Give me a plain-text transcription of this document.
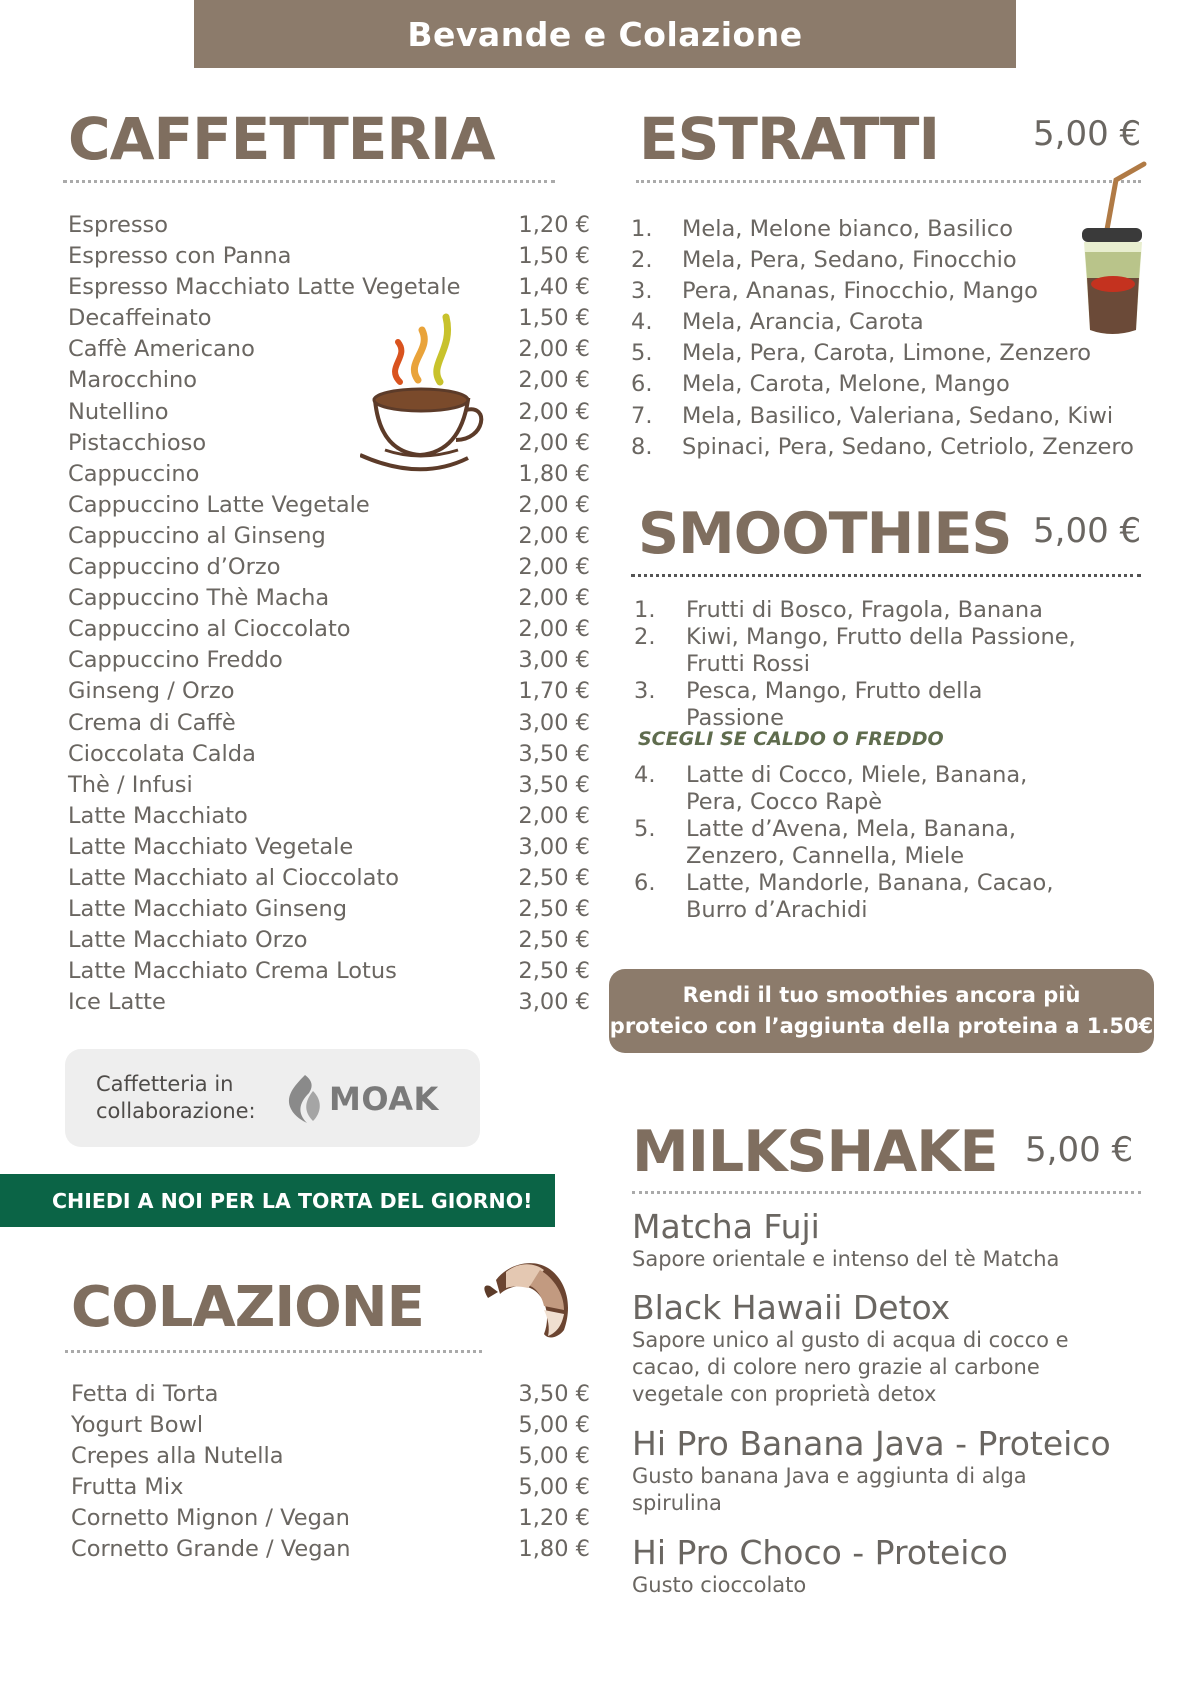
Bevande e Colazione
CAFFETTERIA
Espresso	1,20 €
Espresso con Panna	1,50 €
Espresso Macchiato Latte Vegetale	1,40 €
Decaffeinato	1,50 €
Caffè Americano	2,00 €
Marocchino	2,00 €
Nutellino	2,00 €
Pistacchioso	2,00 €
Cappuccino	1,80 €
Cappuccino Latte Vegetale	2,00 €
Cappuccino al Ginseng	2,00 €
Cappuccino d’Orzo	2,00 €
Cappuccino Thè Macha	2,00 €
Cappuccino al Cioccolato	2,00 €
Cappuccino Freddo	3,00 €
Ginseng / Orzo	1,70 €
Crema di Caffè	3,00 €
Cioccolata Calda	3,50 €
Thè / Infusi	3,50 €
Latte Macchiato	2,00 €
Latte Macchiato Vegetale	3,00 €
Latte Macchiato al Cioccolato	2,50 €
Latte Macchiato Ginseng	2,50 €
Latte Macchiato Orzo	2,50 €
Latte Macchiato Crema Lotus	2,50 €
Ice Latte	3,00 €
Caffetteria in
collaborazione: MOAK
CHIEDI A NOI PER LA TORTA DEL GIORNO!
COLAZIONE
Fetta di Torta	3,50 €
Yogurt Bowl	5,00 €
Crepes alla Nutella	5,00 €
Frutta Mix	5,00 €
Cornetto Mignon / Vegan	1,20 €
Cornetto Grande / Vegan	1,80 €
ESTRATTI	5,00 €
1.	Mela, Melone bianco, Basilico
2.	Mela, Pera, Sedano, Finocchio
3.	Pera, Ananas, Finocchio, Mango
4.	Mela, Arancia, Carota
5.	Mela, Pera, Carota, Limone, Zenzero
6.	Mela, Carota, Melone, Mango
7.	Mela, Basilico, Valeriana, Sedano, Kiwi
8.	Spinaci, Pera, Sedano, Cetriolo, Zenzero
SMOOTHIES 5,00 €
1.	Frutti di Bosco, Fragola, Banana
2.	Kiwi, Mango, Frutto della Passione, Frutti Rossi
3.	Pesca, Mango, Frutto della Passione
SCEGLI SE CALDO O FREDDO
4.	Latte di Cocco, Miele, Banana, Pera, Cocco Rapè
5.	Latte d’Avena, Mela, Banana, Zenzero, Cannella, Miele
6.	Latte, Mandorle, Banana, Cacao, Burro d’Arachidi
Rendi il tuo smoothies ancora più
proteico con l’aggiunta della proteina a 1.50€
MILKSHAKE 5,00 €
Matcha Fuji
Sapore orientale e intenso del tè Matcha
Black Hawaii Detox
Sapore unico al gusto di acqua di cocco e cacao, di colore nero grazie al carbone vegetale con proprietà detox
Hi Pro Banana Java - Proteico
Gusto banana Java e aggiunta di alga spirulina
Hi Pro Choco - Proteico
Gusto cioccolato
